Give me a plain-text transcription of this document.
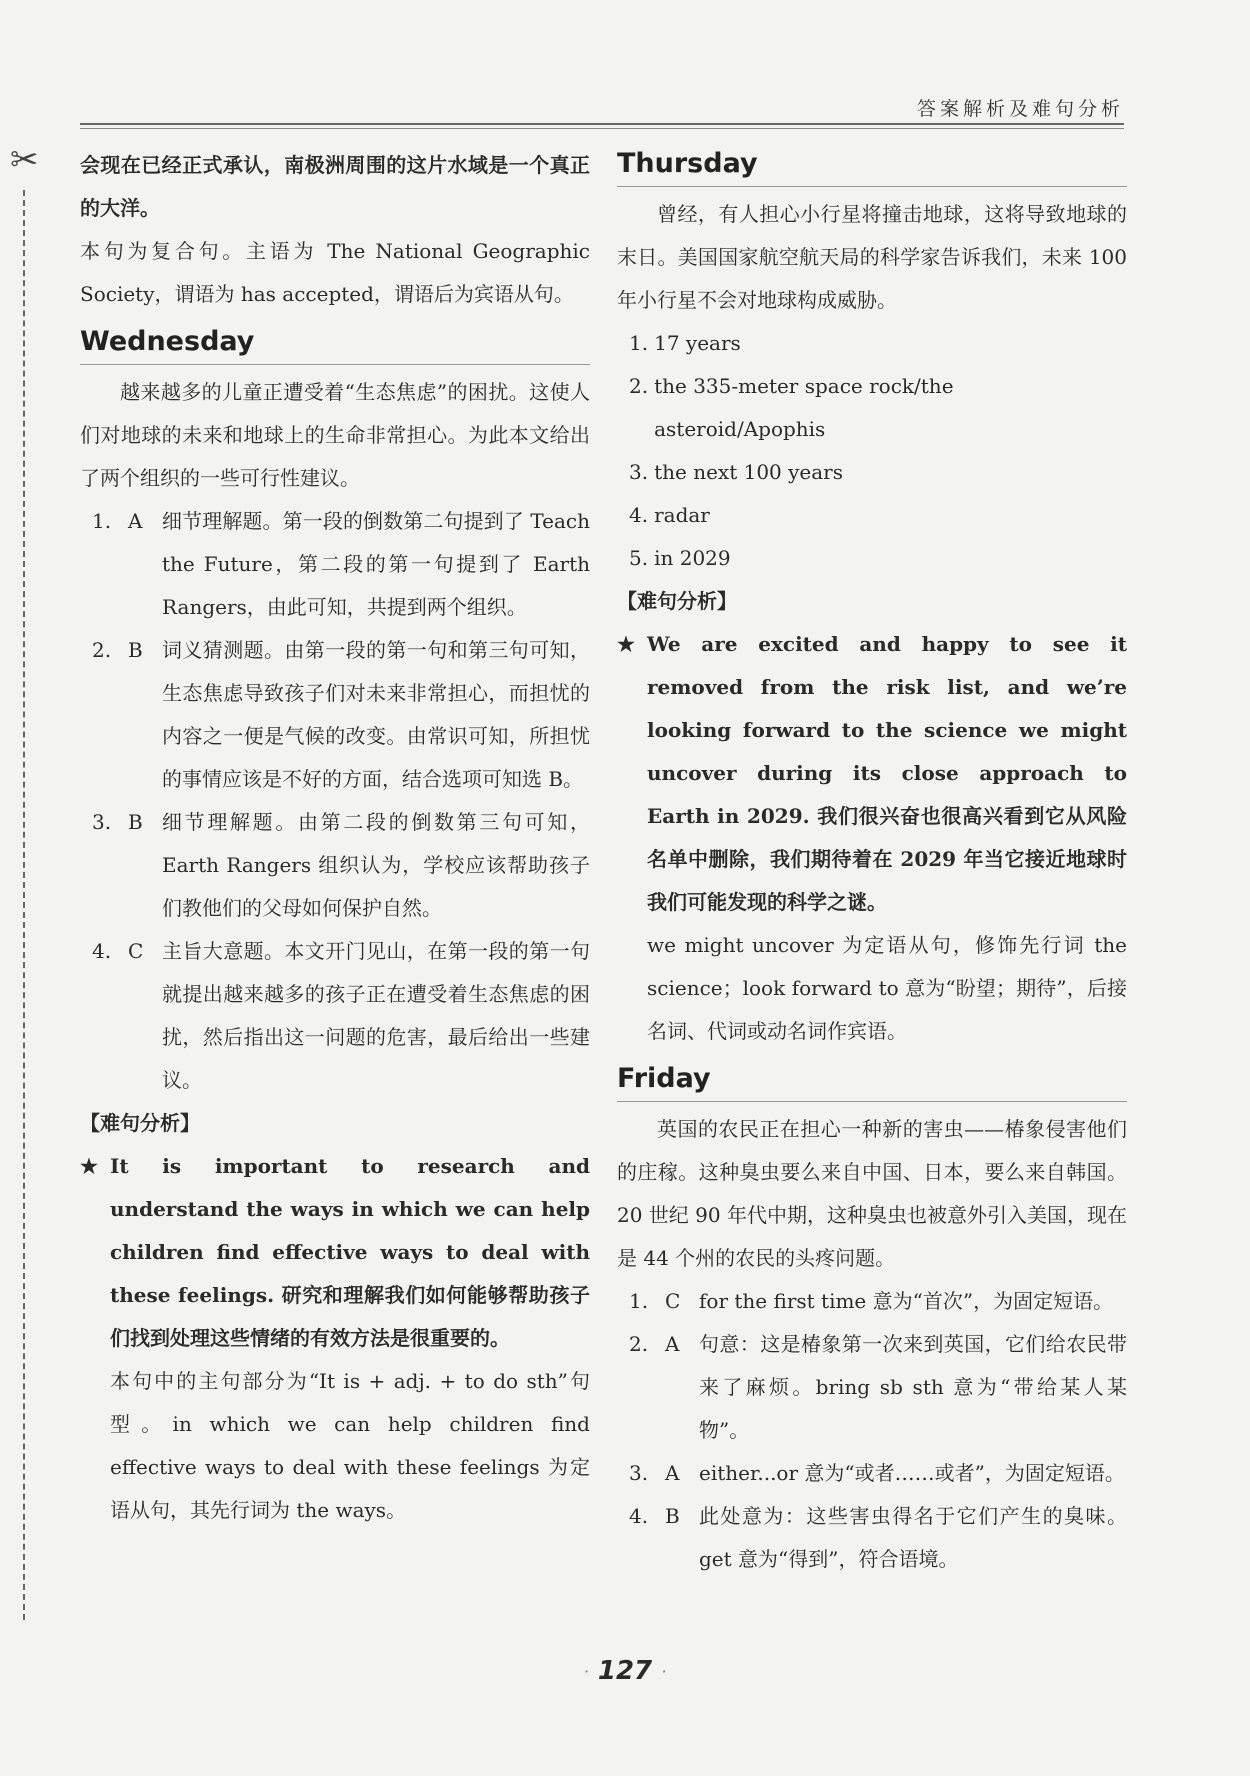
答案解析及难句分析
✂ 会现在已经正式承认，南极洲周围的这片水域是一个真正的大洋。

本句为复合句。主语为 The National Geographic Society，谓语为 has accepted，谓语后为宾语从句。

Wednesday

越来越多的儿童正遭受着“生态焦虑”的困扰。这使人们对地球的未来和地球上的生命非常担心。为此本文给出了两个组织的一些可行性建议。

1. A 细节理解题。第一段的倒数第二句提到了 Teach the Future，第二段的第一句提到了 Earth Rangers，由此可知，共提到两个组织。
2. B 词义猜测题。由第一段的第一句和第三句可知，生态焦虑导致孩子们对未来非常担心，而担忧的内容之一便是气候的改变。由常识可知，所担忧的事情应该是不好的方面，结合选项可知选 B。
3. B 细节理解题。由第二段的倒数第三句可知，Earth Rangers 组织认为，学校应该帮助孩子们教他们的父母如何保护自然。
4. C 主旨大意题。本文开门见山，在第一段的第一句就提出越来越多的孩子正在遭受着生态焦虑的困扰，然后指出这一问题的危害，最后给出一些建议。
【难句分析】
★ It is important to research and understand the ways in which we can help children find effective ways to deal with these feelings. 研究和理解我们如何能够帮助孩子们找到处理这些情绪的有效方法是很重要的。

本句中的主句部分为“It is + adj. + to do sth”句型。in which we can help children find effective ways to deal with these feelings 为定语从句，其先行词为 the ways。

Thursday

曾经，有人担心小行星将撞击地球，这将导致地球的末日。美国国家航空航天局的科学家告诉我们，未来 100 年小行星不会对地球构成威胁。

1. 17 years
2. the 335-meter space rock/the asteroid/Apophis
3. the next 100 years
4. radar
5. in 2029
【难句分析】
★ We are excited and happy to see it removed from the risk list, and we’re looking forward to the science we might uncover during its close approach to Earth in 2029. 我们很兴奋也很高兴看到它从风险名单中删除，我们期待着在 2029 年当它接近地球时我们可能发现的科学之谜。

we might uncover 为定语从句，修饰先行词 the science；look forward to 意为“盼望；期待”，后接名词、代词或动名词作宾语。

Friday

英国的农民正在担心一种新的害虫——椿象侵害他们的庄稼。这种臭虫要么来自中国、日本，要么来自韩国。20 世纪 90 年代中期，这种臭虫也被意外引入美国，现在是 44 个州的农民的头疼问题。

1. C for the first time 意为“首次”，为固定短语。
2. A 句意：这是椿象第一次来到英国，它们给农民带来了麻烦。bring sb sth 意为“带给某人某物”。
3. A either...or 意为“或者……或者”，为固定短语。
4. B 此处意为：这些害虫得名于它们产生的臭味。get 意为“得到”，符合语境。
· 127 ·
